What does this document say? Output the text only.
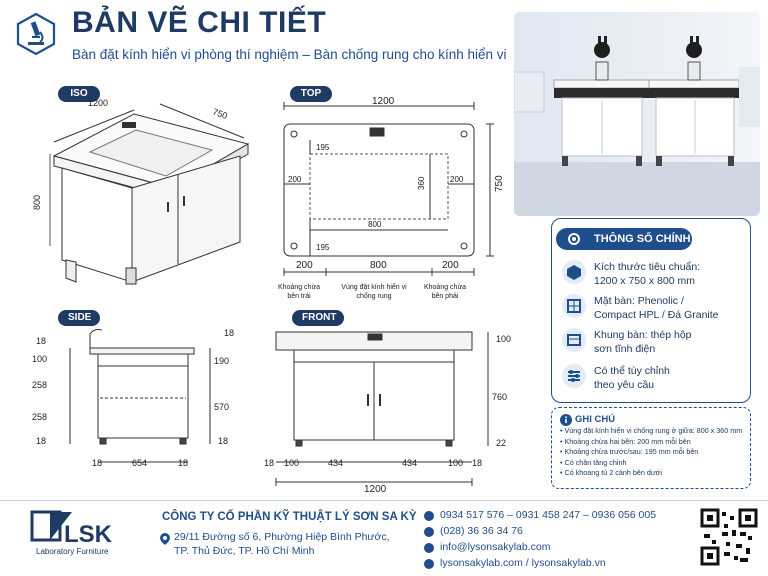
BẢN VẼ CHI TIẾT
Bàn đặt kính hiển vi phòng thí nghiệm – Bàn chống rung cho kính hiển vi
ISO
1200
750
800
TOP
1200
750
195
195
200	200
360
800
200	800	200
Khoảng chừa
bên trái
Vùng đặt kính hiển vi
chống rung
Khoảng chừa
bên phải
SIDE
18
100
258
258
18
18
190
570
18
18	654	18
FRONT
100
760
22
18 100	434	434	100 18
1200
THÔNG SỐ CHÍNH
Kích thước tiêu chuẩn:
1200 x 750 x 800 mm
Mặt bàn: Phenolic /
Compact HPL / Đá Granite
Khung bàn: thép hộp
sơn tĩnh điện
Có thể tùy chỉnh
theo yêu cầu
GHI CHÚ
• Vùng đặt kính hiển vi chống rung ở giữa: 800 x 360 mm
• Khoảng chừa hai bên: 200 mm mỗi bên
• Khoảng chừa trước/sau: 195 mm mỗi bên
• Có chân tăng chỉnh
• Có khoang tủ 2 cánh bên dưới
LSK
Laboratory Furniture
CÔNG TY CỔ PHẦN KỸ THUẬT LÝ SƠN SA KỲ
29/11 Đường số 6, Phường Hiệp Bình Phước,
TP. Thủ Đức, TP. Hồ Chí Minh
0934 517 576 – 0931 458 247 – 0936 056 005
(028) 36 36 34 76
info@lysonsakylab.com
lysonsakylab.com / lysonsakylab.vn
